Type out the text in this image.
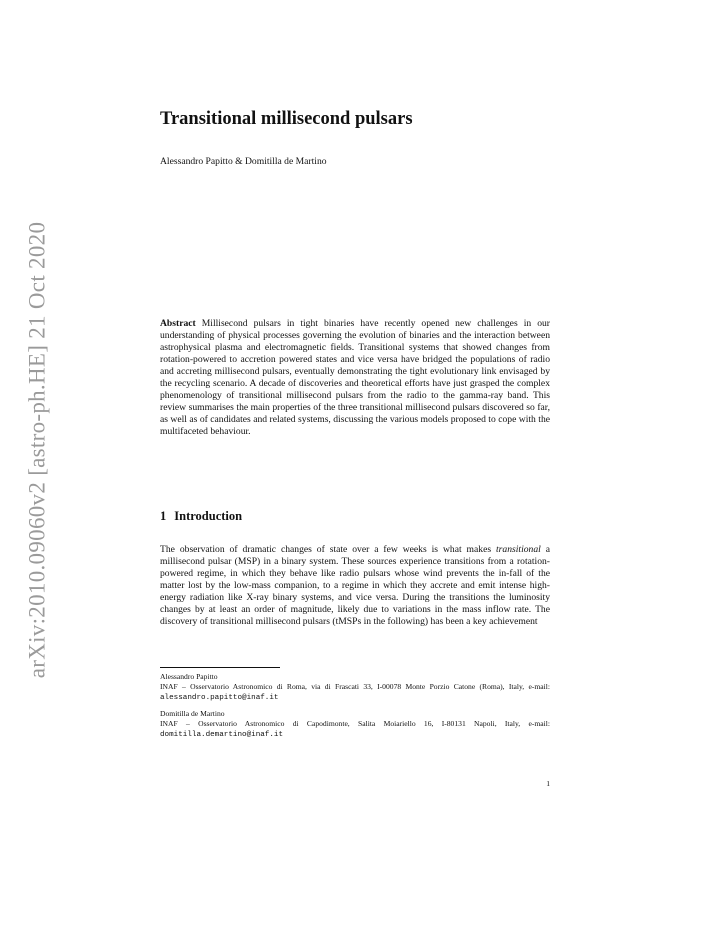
arXiv:2010.09060v2 [astro-ph.HE] 21 Oct 2020
Transitional millisecond pulsars
Alessandro Papitto & Domitilla de Martino

Abstract Millisecond pulsars in tight binaries have recently opened new challenges in our understanding of physical processes governing the evolution of binaries and the interaction between astrophysical plasma and electromagnetic fields. Transitional systems that showed changes from rotation-powered to accretion powered states and vice versa have bridged the populations of radio and accreting millisecond pulsars, eventually demonstrating the tight evolutionary link envisaged by the recycling scenario. A decade of discoveries and theoretical efforts have just grasped the complex phenomenology of transitional millisecond pulsars from the radio to the gamma-ray band. This review summarises the main properties of the three transitional millisecond pulsars discovered so far, as well as of candidates and related systems, discussing the various models proposed to cope with the multifaceted behaviour.

1 Introduction

The observation of dramatic changes of state over a few weeks is what makes transitional a millisecond pulsar (MSP) in a binary system. These sources experience transitions from a rotation-powered regime, in which they behave like radio pulsars whose wind prevents the in-fall of the matter lost by the low-mass companion, to a regime in which they accrete and emit intense high-energy radiation like X-ray binary systems, and vice versa. During the transitions the luminosity changes by at least an order of magnitude, likely due to variations in the mass inflow rate. The discovery of transitional millisecond pulsars (tMSPs in the following) has been a key achievement

Alessandro Papitto
INAF – Osservatorio Astronomico di Roma, via di Frascati 33, I-00078 Monte Porzio Catone (Roma), Italy, e-mail: alessandro.papitto@inaf.it
Domitilla de Martino
INAF – Osservatorio Astronomico di Capodimonte, Salita Moiariello 16, I-80131 Napoli, Italy, e-mail: domitilla.demartino@inaf.it
1
